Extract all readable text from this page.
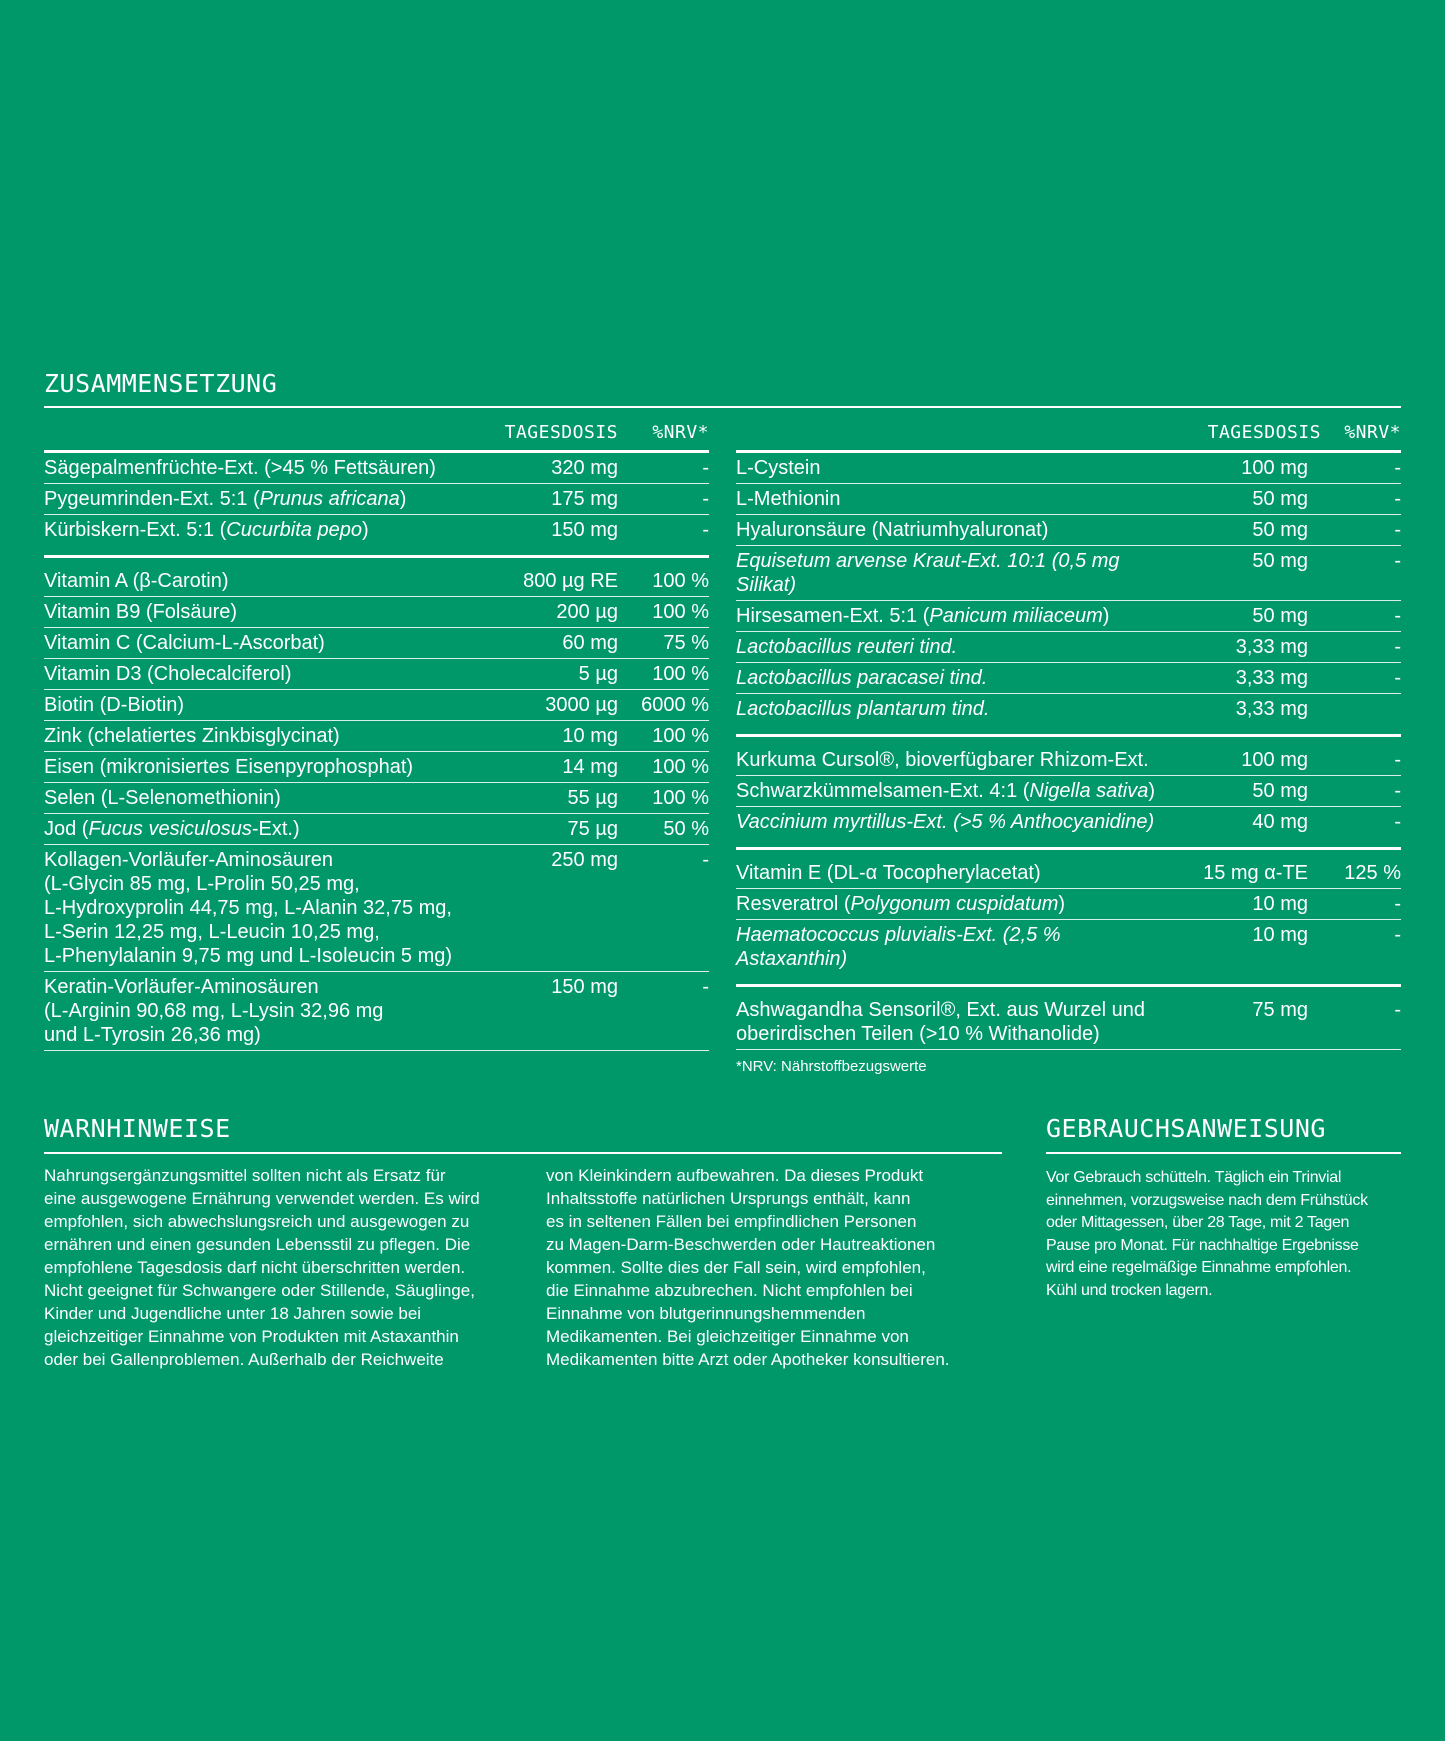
ZUSAMMENSETZUNG
TAGESDOSIS	%NRV*
Sägepalmenfrüchte-Ext. (>45 % Fettsäuren)	320 mg	-
Pygeumrinden-Ext. 5:1 (Prunus africana)	175 mg	-
Kürbiskern-Ext. 5:1 (Cucurbita pepo)	150 mg	-
Vitamin A (β-Carotin)	800 µg RE	100 %
Vitamin B9 (Folsäure)	200 µg	100 %
Vitamin C (Calcium-L-Ascorbat)	60 mg	75 %
Vitamin D3 (Cholecalciferol)	5 µg	100 %
Biotin (D-Biotin)	3000 µg	6000 %
Zink (chelatiertes Zinkbisglycinat)	10 mg	100 %
Eisen (mikronisiertes Eisenpyrophosphat)	14 mg	100 %
Selen (L-Selenomethionin)	55 µg	100 %
Jod (Fucus vesiculosus-Ext.)	75 µg	50 %
Kollagen-Vorläufer-Aminosäuren
(L-Glycin 85 mg, L-Prolin 50,25 mg,
L-Hydroxyprolin 44,75 mg, L-Alanin 32,75 mg,
L-Serin 12,25 mg, L-Leucin 10,25 mg,
L-Phenylalanin 9,75 mg und L-Isoleucin 5 mg)
250 mg	-
Keratin-Vorläufer-Aminosäuren
(L-Arginin 90,68 mg, L-Lysin 32,96 mg
und L-Tyrosin 26,36 mg)
150 mg	-
TAGESDOSIS	%NRV*
L-Cystein	100 mg	-
L-Methionin	50 mg	-
Hyaluronsäure (Natriumhyaluronat)	50 mg	-
Equisetum arvense Kraut-Ext. 10:1 (0,5 mg Silikat)
50 mg	-
Hirsesamen-Ext. 5:1 (Panicum miliaceum)	50 mg	-
Lactobacillus reuteri tind.	3,33 mg	-
Lactobacillus paracasei tind.	3,33 mg	-
Lactobacillus plantarum tind.	3,33 mg
Kurkuma Cursol®, bioverfügbarer Rhizom-Ext.	100 mg	-
Schwarzkümmelsamen-Ext. 4:1 (Nigella sativa)	50 mg	-
Vaccinium myrtillus-Ext. (>5 % Anthocyanidine)	40 mg	-
Vitamin E (DL-α Tocopherylacetat)	15 mg α-TE	125 %
Resveratrol (Polygonum cuspidatum)	10 mg	-
Haematococcus pluvialis-Ext. (2,5 % Astaxanthin)
10 mg	-
Ashwagandha Sensoril®, Ext. aus Wurzel und
oberirdischen Teilen (>10 % Withanolide)
75 mg	-
*NRV: Nährstoffbezugswerte
WARNHINWEISE

Nahrungsergänzungsmittel sollten nicht als Ersatz für
eine ausgewogene Ernährung verwendet werden. Es wird
empfohlen, sich abwechslungsreich und ausgewogen zu
ernähren und einen gesunden Lebensstil zu pflegen. Die
empfohlene Tagesdosis darf nicht überschritten werden.
Nicht geeignet für Schwangere oder Stillende, Säuglinge,
Kinder und Jugendliche unter 18 Jahren sowie bei
gleichzeitiger Einnahme von Produkten mit Astaxanthin
oder bei Gallenproblemen. Außerhalb der Reichweite

von Kleinkindern aufbewahren. Da dieses Produkt
Inhaltsstoffe natürlichen Ursprungs enthält, kann
es in seltenen Fällen bei empfindlichen Personen
zu Magen-Darm-Beschwerden oder Hautreaktionen
kommen. Sollte dies der Fall sein, wird empfohlen,
die Einnahme abzubrechen. Nicht empfohlen bei
Einnahme von blutgerinnungshemmenden
Medikamenten. Bei gleichzeitiger Einnahme von
Medikamenten bitte Arzt oder Apotheker konsultieren.

GEBRAUCHSANWEISUNG

Vor Gebrauch schütteln. Täglich ein Trinvial
einnehmen, vorzugsweise nach dem Frühstück
oder Mittagessen, über 28 Tage, mit 2 Tagen
Pause pro Monat. Für nachhaltige Ergebnisse
wird eine regelmäßige Einnahme empfohlen.
Kühl und trocken lagern.
